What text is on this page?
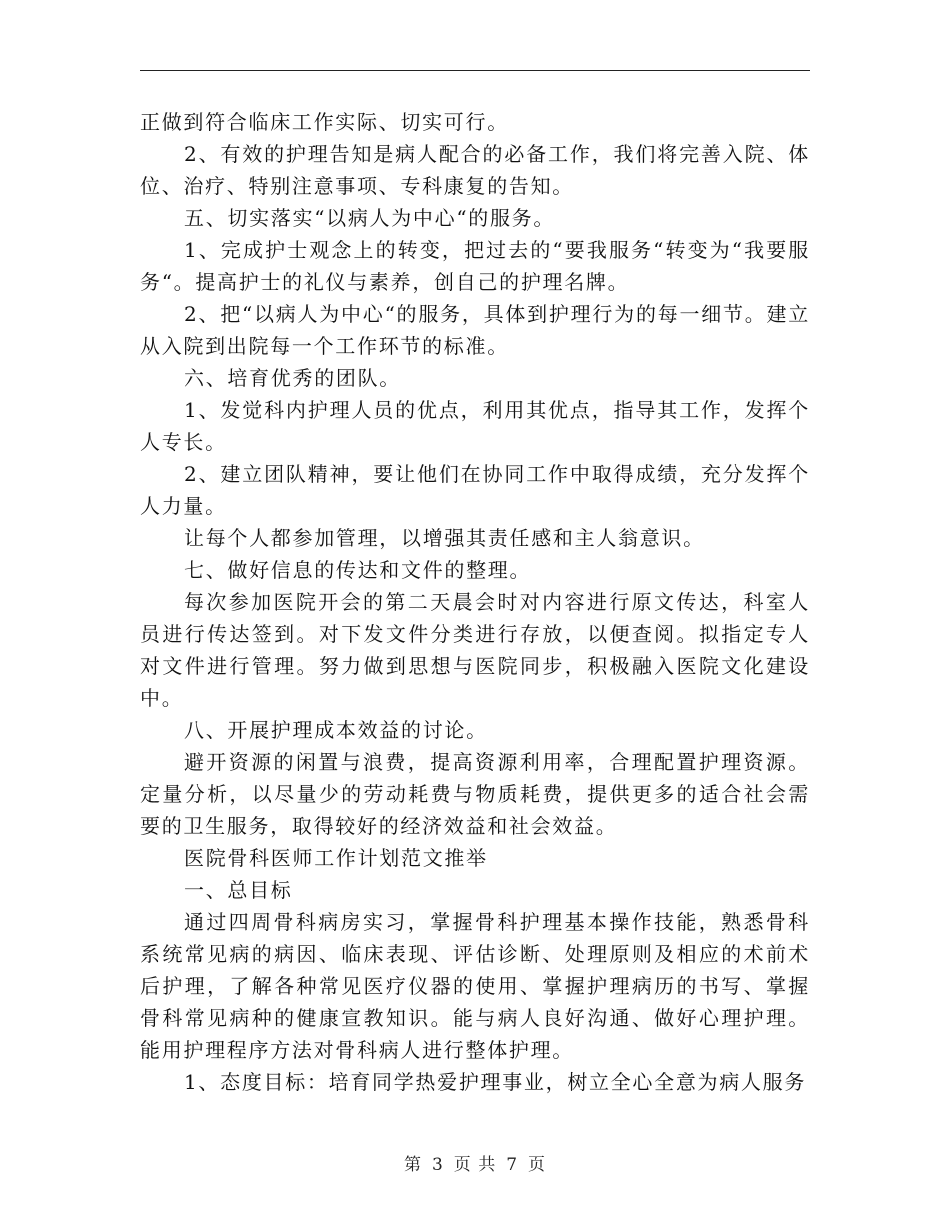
正做到符合临床工作实际、切实可行。

2、有效的护理告知是病人配合的必备工作，我们将完善入院、体位、治疗、特别注意事项、专科康复的告知。

五、切实落实“以病人为中心“的服务。

1、完成护士观念上的转变，把过去的“要我服务“转变为“我要服务“。提高护士的礼仪与素养，创自己的护理名牌。

2、把“以病人为中心“的服务，具体到护理行为的每一细节。建立从入院到出院每一个工作环节的标准。

六、培育优秀的团队。

1、发觉科内护理人员的优点，利用其优点，指导其工作，发挥个人专长。

2、建立团队精神，要让他们在协同工作中取得成绩，充分发挥个人力量。

让每个人都参加管理，以增强其责任感和主人翁意识。

七、做好信息的传达和文件的整理。

每次参加医院开会的第二天晨会时对内容进行原文传达，科室人员进行传达签到。对下发文件分类进行存放，以便查阅。拟指定专人对文件进行管理。努力做到思想与医院同步，积极融入医院文化建设中。

八、开展护理成本效益的讨论。

避开资源的闲置与浪费，提高资源利用率，合理配置护理资源。定量分析，以尽量少的劳动耗费与物质耗费，提供更多的适合社会需要的卫生服务，取得较好的经济效益和社会效益。

医院骨科医师工作计划范文推举

一、总目标

通过四周骨科病房实习，掌握骨科护理基本操作技能，熟悉骨科系统常见病的病因、临床表现、评估诊断、处理原则及相应的术前术后护理，了解各种常见医疗仪器的使用、掌握护理病历的书写、掌握骨科常见病种的健康宣教知识。能与病人良好沟通、做好心理护理。能用护理程序方法对骨科病人进行整体护理。

1、态度目标：培育同学热爱护理事业，树立全心全意为病人服务

第 3 页 共 7 页
